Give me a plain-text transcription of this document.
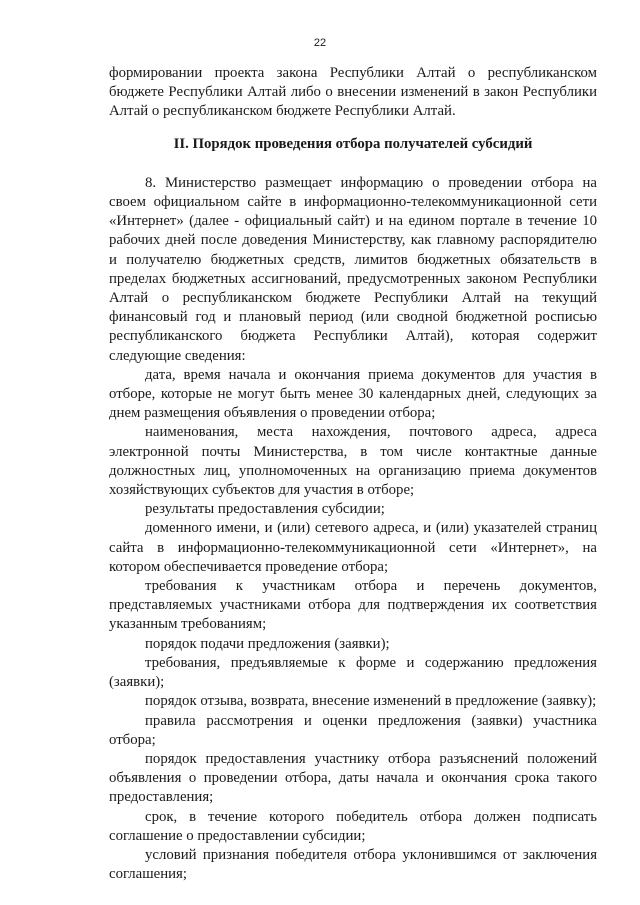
22

формировании проекта закона Республики Алтай о республиканском бюджете Республики Алтай либо о внесении изменений в закон Республики Алтай о республиканском бюджете Республики Алтай.

II. Порядок проведения отбора получателей субсидий

8. Министерство размещает информацию о проведении отбора на своем официальном сайте в информационно-телекоммуникационной сети «Интернет» (далее - официальный сайт) и на едином портале в течение 10 рабочих дней после доведения Министерству, как главному распорядителю и получателю бюджетных средств, лимитов бюджетных обязательств в пределах бюджетных ассигнований, предусмотренных законом Республики Алтай о республиканском бюджете Республики Алтай на текущий финансовый год и плановый период (или сводной бюджетной росписью республиканского бюджета Республики Алтай), которая содержит следующие сведения:

дата, время начала и окончания приема документов для участия в отборе, которые не могут быть менее 30 календарных дней, следующих за днем размещения объявления о проведении отбора;

наименования, места нахождения, почтового адреса, адреса электронной почты Министерства, в том числе контактные данные должностных лиц, уполномоченных на организацию приема документов хозяйствующих субъектов для участия в отборе;

результаты предоставления субсидии;

доменного имени, и (или) сетевого адреса, и (или) указателей страниц сайта в информационно-телекоммуникационной сети «Интернет», на котором обеспечивается проведение отбора;

требования к участникам отбора и перечень документов, представляемых участниками отбора для подтверждения их соответствия указанным требованиям;

порядок подачи предложения (заявки);

требования, предъявляемые к форме и содержанию предложения (заявки);

порядок отзыва, возврата, внесение изменений в предложение (заявку);

правила рассмотрения и оценки предложения (заявки) участника отбора;

порядок предоставления участнику отбора разъяснений положений объявления о проведении отбора, даты начала и окончания срока такого предоставления;

срок, в течение которого победитель отбора должен подписать соглашение о предоставлении субсидии;

условий признания победителя отбора уклонившимся от заключения соглашения;
